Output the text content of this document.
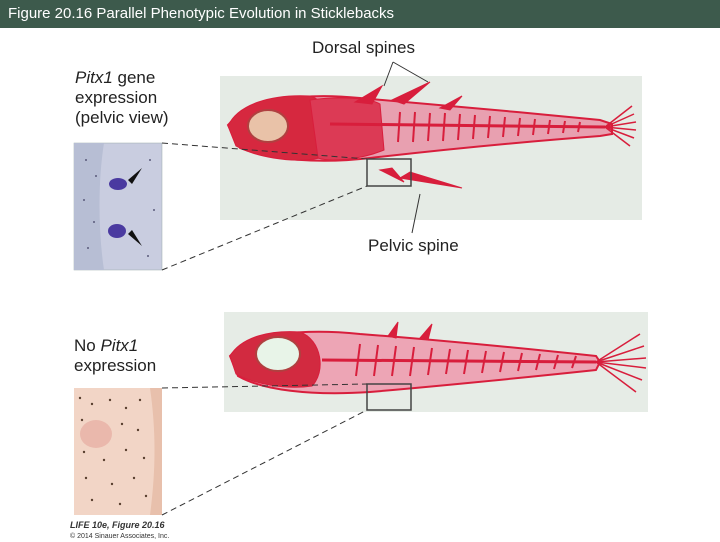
Figure 20.16 Parallel Phenotypic Evolution in Sticklebacks
Dorsal spines
Pitx1 gene
expression
(pelvic view)
Pelvic spine
No Pitx1
expression
LIFE 10e, Figure 20.16
© 2014 Sinauer Associates, Inc.
